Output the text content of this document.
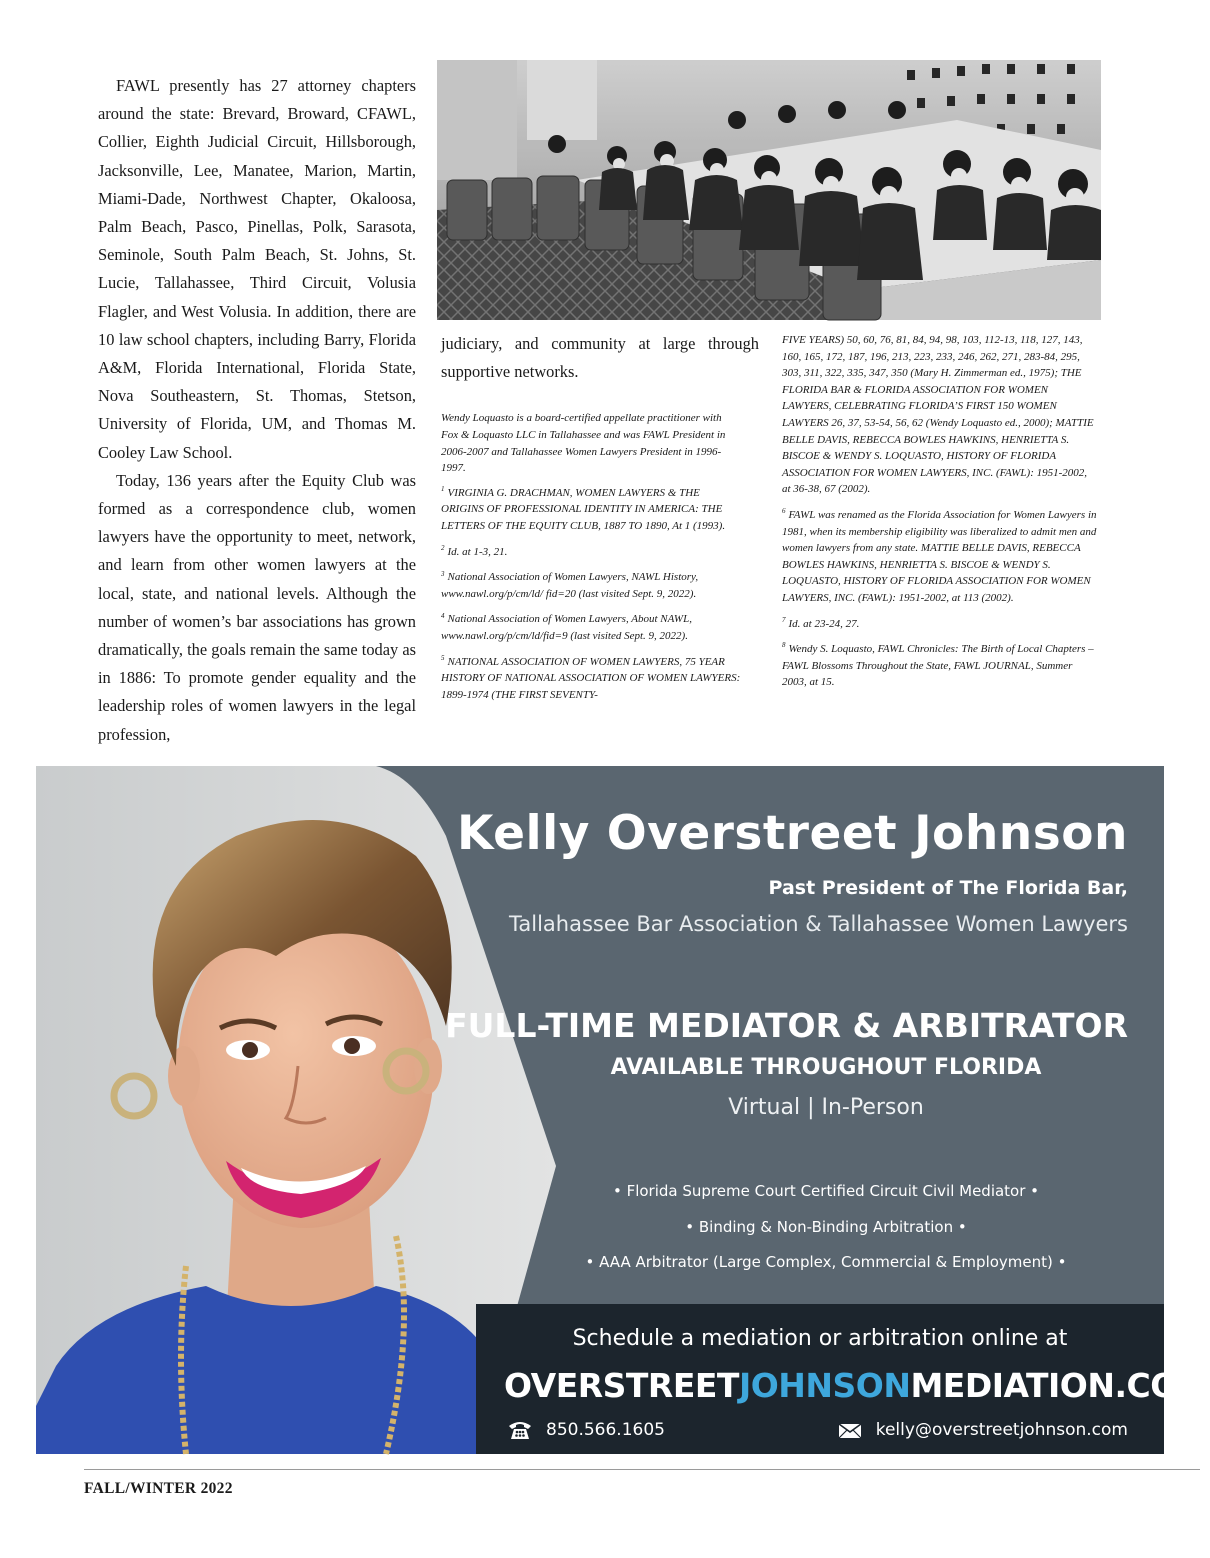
FAWL presently has 27 attorney chapters around the state: Brevard, Broward, CFAWL, Collier, Eighth Judicial Circuit, Hillsborough, Jacksonville, Lee, Manatee, Marion, Martin, Miami-Dade, Northwest Chapter, Okaloosa, Palm Beach, Pasco, Pinellas, Polk, Sarasota, Seminole, South Palm Beach, St. Johns, St. Lucie, Tallahassee, Third Circuit, Volusia Flagler, and West Volusia. In addition, there are 10 law school chapters, including Barry, Florida A&M, Florida International, Florida State, Nova Southeastern, St. Thomas, Stetson, University of Florida, UM, and Thomas M. Cooley Law School.

Today, 136 years after the Equity Club was formed as a correspondence club, women lawyers have the opportunity to meet, network, and learn from other women lawyers at the local, state, and national levels. Although the number of women’s bar associations has grown dramatically, the goals remain the same today as in 1886: To promote gender equality and the leadership roles of women lawyers in the legal profession,

judiciary, and community at large through supportive networks.

Wendy Loquasto is a board-certified appellate practitioner with Fox & Loquasto LLC in Tallahassee and was FAWL President in 2006-2007 and Tallahassee Women Lawyers President in 1996-1997.

$^1$ VIRGINIA G. DRACHMAN, WOMEN LAWYERS & THE ORIGINS OF PROFESSIONAL IDENTITY IN AMERICA: THE LETTERS OF THE EQUITY CLUB, 1887 TO 1890, At 1 (1993).

$^2$ Id. at 1-3, 21.

$^3$ National Association of Women Lawyers, NAWL History, www.nawl.org/p/cm/ld/ fid=20 (last visited Sept. 9, 2022).

$^4$ National Association of Women Lawyers, About NAWL, www.nawl.org/p/cm/ld/fid=9 (last visited Sept. 9, 2022).

$^5$ NATIONAL ASSOCIATION OF WOMEN LAWYERS, 75 YEAR HISTORY OF NATIONAL ASSOCIATION OF WOMEN LAWYERS: 1899-1974 (THE FIRST SEVENTY-

FIVE YEARS) 50, 60, 76, 81, 84, 94, 98, 103, 112-13, 118, 127, 143, 160, 165, 172, 187, 196, 213, 223, 233, 246, 262, 271, 283-84, 295, 303, 311, 322, 335, 347, 350 (Mary H. Zimmerman ed., 1975); THE FLORIDA BAR & FLORIDA ASSOCIATION FOR WOMEN LAWYERS, CELEBRATING FLORIDA’S FIRST 150 WOMEN LAWYERS 26, 37, 53-54, 56, 62 (Wendy Loquasto ed., 2000); MATTIE BELLE DAVIS, REBECCA BOWLES HAWKINS, HENRIETTA S. BISCOE & WENDY S. LOQUASTO, HISTORY OF FLORIDA ASSOCIATION FOR WOMEN LAWYERS, INC. (FAWL): 1951-2002, at 36-38, 67 (2002).

$^6$ FAWL was renamed as the Florida Association for Women Lawyers in 1981, when its membership eligibility was liberalized to admit men and women lawyers from any state. MATTIE BELLE DAVIS, REBECCA BOWLES HAWKINS, HENRIETTA S. BISCOE & WENDY S. LOQUASTO, HISTORY OF FLORIDA ASSOCIATION FOR WOMEN LAWYERS, INC. (FAWL): 1951-2002, at 113 (2002).

$^7$ Id. at 23-24, 27.

$^8$ Wendy S. Loquasto, FAWL Chronicles: The Birth of Local Chapters – FAWL Blossoms Throughout the State, FAWL JOURNAL, Summer 2003, at 15.

Kelly Overstreet Johnson
Past President of The Florida Bar,
Tallahassee Bar Association & Tallahassee Women Lawyers
FULL-TIME MEDIATOR & ARBITRATOR
AVAILABLE THROUGHOUT FLORIDA
Virtual | In-Person
• Florida Supreme Court Certified Circuit Civil Mediator •
• Binding & Non-Binding Arbitration •
• AAA Arbitrator (Large Complex, Commercial & Employment) •
Schedule a mediation or arbitration online at
OVERSTREETJOHNSONMEDIATION.COM
850.566.1605	kelly@overstreetjohnson.com
FALL/WINTER 2022
